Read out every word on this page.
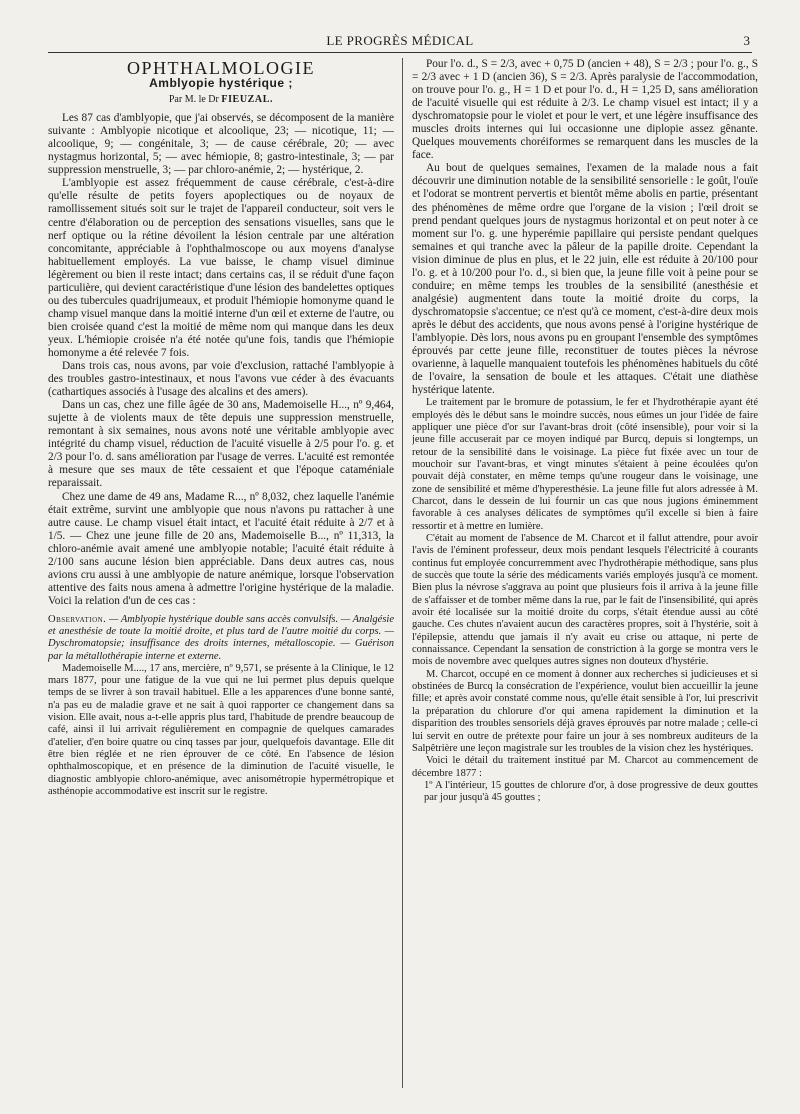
LE PROGRÈS MÉDICAL	3
OPHTHALMOLOGIE
Amblyopie hystérique ;
Par M. le Dr FIEUZAL.

Les 87 cas d'amblyopie, que j'ai observés, se décomposent de la manière suivante : Amblyopie nicotique et alcoolique, 23; — nicotique, 11; — alcoolique, 9; — congénitale, 3; — de cause cérébrale, 20; — avec nystagmus horizontal, 5; — avec hémiopie, 8; gastro-intestinale, 3; — par suppression menstruelle, 3; — par chloro-anémie, 2; — hystérique, 2.

L'amblyopie est assez fréquemment de cause cérébrale, c'est-à-dire qu'elle résulte de petits foyers apoplectiques ou de noyaux de ramollissement situés soit sur le trajet de l'appareil conducteur, soit vers le centre d'élaboration ou de perception des sensations visuelles, sans que le nerf optique ou la rétine dévoilent la lésion centrale par une altération concomitante, appréciable à l'ophthalmoscope ou aux moyens d'analyse habituellement employés. La vue baisse, le champ visuel diminue légèrement ou bien il reste intact; dans certains cas, il se réduit d'une façon particulière, qui devient caractéristique d'une lésion des bandelettes optiques ou des tubercules quadrijumeaux, et produit l'hémiopie homonyme quand le champ visuel manque dans la moitié interne d'un œil et externe de l'autre, ou bien croisée quand c'est la moitié de même nom qui manque dans les deux yeux. L'hémiopie croisée n'a été notée qu'une fois, tandis que l'hémiopie homonyme a été relevée 7 fois.

Dans trois cas, nous avons, par voie d'exclusion, rattaché l'amblyopie à des troubles gastro-intestinaux, et nous l'avons vue céder à des évacuants (cathartiques associés à l'usage des alcalins et des amers).

Dans un cas, chez une fille âgée de 30 ans, Mademoiselle H..., nº 9,464, sujette à de violents maux de tête depuis une suppression menstruelle, remontant à six semaines, nous avons noté une véritable amblyopie avec intégrité du champ visuel, réduction de l'acuité visuelle à 2/5 pour l'o. g. et 2/3 pour l'o. d. sans amélioration par l'usage de verres. L'acuité est remontée à mesure que ses maux de tête cessaient et que l'époque cataméniale reparaissait.

Chez une dame de 49 ans, Madame R..., nº 8,032, chez laquelle l'anémie était extrême, survint une amblyopie que nous n'avons pu rattacher à une autre cause. Le champ visuel était intact, et l'acuité était réduite à 2/7 et à 1/5. — Chez une jeune fille de 20 ans, Mademoiselle B..., nº 11,313, la chloro-anémie avait amené une amblyopie notable; l'acuité était réduite à 2/100 sans aucune lésion bien appréciable. Dans deux autres cas, nous avions cru aussi à une amblyopie de nature anémique, lorsque l'observation attentive des faits nous amena à admettre l'origine hystérique de la maladie. Voici la relation d'un de ces cas :

Observation. — Amblyopie hystérique double sans accès convulsifs. — Analgésie et anesthésie de toute la moitié droite, et plus tard de l'autre moitié du corps. — Dyschromatopsie; insuffisance des droits internes, métalloscopie. — Guérison par la métallothérapie interne et externe.

Mademoiselle M...., 17 ans, mercière, nº 9,571, se présente à la Clinique, le 12 mars 1877, pour une fatigue de la vue qui ne lui permet plus depuis quelque temps de se livrer à son travail habituel. Elle a les apparences d'une bonne santé, n'a pas eu de maladie grave et ne sait à quoi rapporter ce changement dans sa vision. Elle avait, nous a-t-elle appris plus tard, l'habitude de prendre beaucoup de café, ainsi il lui arrivait régulièrement en compagnie de quelques camarades d'atelier, d'en boire quatre ou cinq tasses par jour, quelquefois davantage. Elle dit être bien réglée et ne rien éprouver de ce côté. En l'absence de lésion ophthalmoscopique, et en présence de la diminution de l'acuité visuelle, le diagnostic amblyopie chloro-anémique, avec anisométropie hypermétropique et asthénopie accommodative est inscrit sur le registre.

Pour l'o. d., S = 2/3, avec + 0,75 D (ancien + 48), S = 2/3 ; pour l'o. g., S = 2/3 avec + 1 D (ancien 36), S = 2/3. Après paralysie de l'accommodation, on trouve pour l'o. g., H = 1 D et pour l'o. d., H = 1,25 D, sans amélioration de l'acuité visuelle qui est réduite à 2/3. Le champ visuel est intact; il y a dyschromatopsie pour le violet et pour le vert, et une légère insuffisance des muscles droits internes qui lui occasionne une diplopie assez gênante. Quelques mouvements choréiformes se remarquent dans les muscles de la face.

Au bout de quelques semaines, l'examen de la malade nous a fait découvrir une diminution notable de la sensibilité sensorielle : le goût, l'ouïe et l'odorat se montrent pervertis et bientôt même abolis en partie, présentant des phénomènes de même ordre que l'organe de la vision ; l'œil droit se prend pendant quelques jours de nystagmus horizontal et on peut noter à ce moment sur l'o. g. une hyperémie papillaire qui persiste pendant quelques semaines et qui tranche avec la pâleur de la papille droite. Cependant la vision diminue de plus en plus, et le 22 juin, elle est réduite à 20/100 pour l'o. g. et à 10/200 pour l'o. d., si bien que, la jeune fille voit à peine pour se conduire; en même temps les troubles de la sensibilité (anesthésie et analgésie) augmentent dans toute la moitié droite du corps, la dyschromatopsie s'accentue; ce n'est qu'à ce moment, c'est-à-dire deux mois après le début des accidents, que nous avons pensé à l'origine hystérique de l'amblyopie. Dès lors, nous avons pu en groupant l'ensemble des symptômes éprouvés par cette jeune fille, reconstituer de toutes pièces la névrose ovarienne, à laquelle manquaient toutefois les phénomènes habituels du côté de l'ovaire, la sensation de boule et les attaques. C'était une diathèse hystérique latente.

Le traitement par le bromure de potassium, le fer et l'hydrothérapie ayant été employés dès le début sans le moindre succès, nous eûmes un jour l'idée de faire appliquer une pièce d'or sur l'avant-bras droit (côté insensible), pour voir si la jeune fille accuserait par ce moyen indiqué par Burcq, depuis si longtemps, un retour de la sensibilité dans le voisinage. La pièce fut fixée avec un tour de mouchoir sur l'avant-bras, et vingt minutes s'étaient à peine écoulées qu'on pouvait déjà constater, en même temps qu'une rougeur dans le voisinage, une zone de sensibilité et même d'hyperesthésie. La jeune fille fut alors adressée à M. Charcot, dans le dessein de lui fournir un cas que nous jugions éminemment favorable à ces analyses délicates de symptômes qu'il excelle si bien à faire ressortir et à mettre en lumière.

C'était au moment de l'absence de M. Charcot et il fallut attendre, pour avoir l'avis de l'éminent professeur, deux mois pendant lesquels l'électricité à courants continus fut employée concurremment avec l'hydrothérapie méthodique, sans plus de succès que toute la série des médicaments variés employés jusqu'à ce moment. Bien plus la névrose s'aggrava au point que plusieurs fois il arriva à la jeune fille de s'affaisser et de tomber même dans la rue, par le fait de l'insensibilité, qui après avoir été localisée sur la moitié droite du corps, s'était étendue aussi au côté gauche. Ces chutes n'avaient aucun des caractères propres, soit à l'hystérie, soit à l'épilepsie, attendu que jamais il n'y avait eu crise ou attaque, ni perte de connaissance. Cependant la sensation de constriction à la gorge se montra vers le mois de novembre avec quelques autres signes non douteux d'hystérie.

M. Charcot, occupé en ce moment à donner aux recherches si judicieuses et si obstinées de Burcq la consécration de l'expérience, voulut bien accueillir la jeune fille; et après avoir constaté comme nous, qu'elle était sensible à l'or, lui prescrivit la préparation du chlorure d'or qui amena rapidement la diminution et la disparition des troubles sensoriels déjà graves éprouvés par notre malade ; celle-ci lui servit en outre de prétexte pour faire un jour à ses nombreux auditeurs de la Salpêtrière une leçon magistrale sur les troubles de la vision chez les hystériques.

Voici le détail du traitement institué par M. Charcot au commencement de décembre 1877 :

1º A l'intérieur, 15 gouttes de chlorure d'or, à dose progressive de deux gouttes par jour jusqu'à 45 gouttes ;
